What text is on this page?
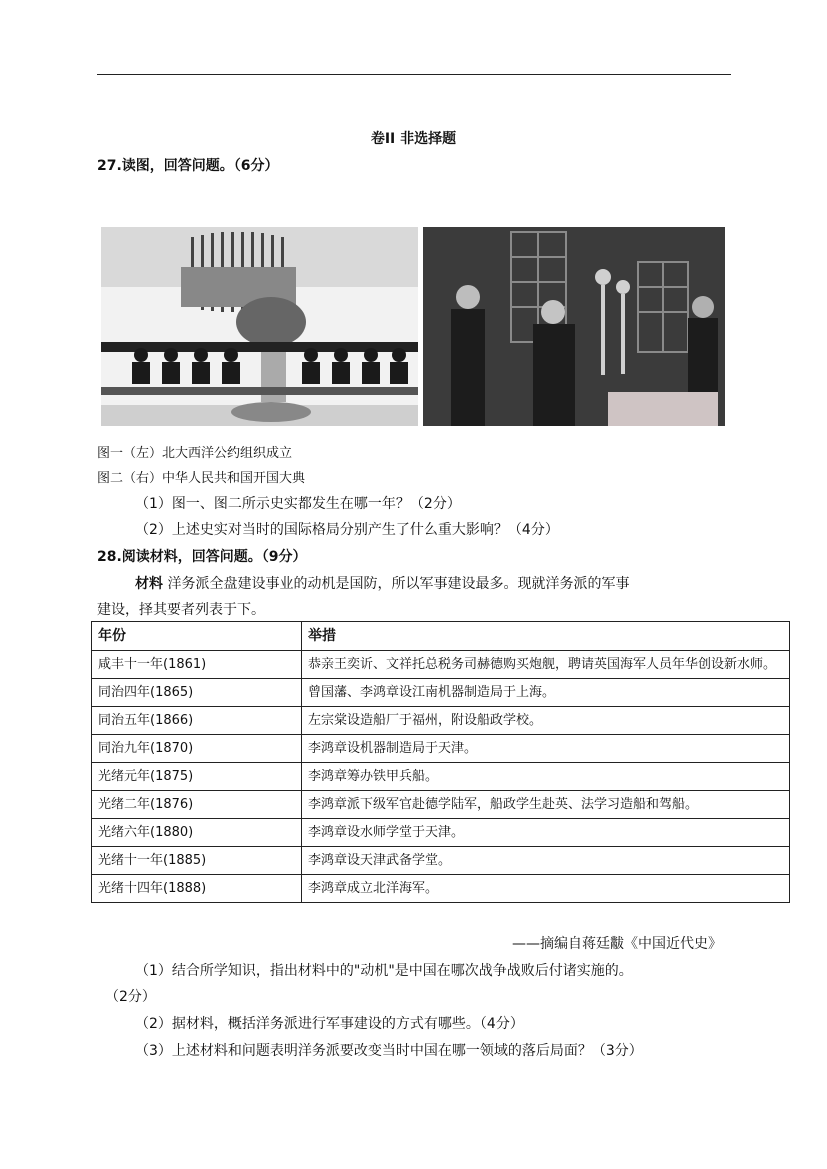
卷II 非选择题
27.读图，回答问题。（6分）
图一（左）北大西洋公约组织成立
图二（右）中华人民共和国开国大典
（1）图一、图二所示史实都发生在哪一年？（2分）
（2）上述史实对当时的国际格局分别产生了什么重大影响？（4分）
28.阅读材料，回答问题。（9分）
材料 洋务派全盘建设事业的动机是国防，所以军事建设最多。现就洋务派的军事
建设，择其要者列表于下。
年份	举措
咸丰十一年(1861)	恭亲王奕䜣、文祥托总税务司赫德购买炮舰，聘请英国海军人员年华创设新水师。
同治四年(1865)	曾国藩、李鸿章设江南机器制造局于上海。
同治五年(1866)	左宗棠设造船厂于福州，附设船政学校。
同治九年(1870)	李鸿章设机器制造局于天津。
光绪元年(1875)	李鸿章筹办铁甲兵船。
光绪二年(1876)	李鸿章派下级军官赴德学陆军，船政学生赴英、法学习造船和驾船。
光绪六年(1880)	李鸿章设水师学堂于天津。
光绪十一年(1885)	李鸿章设天津武备学堂。
光绪十四年(1888)	李鸿章成立北洋海军。
——摘编自蒋廷黻《中国近代史》
（1）结合所学知识，指出材料中的"动机"是中国在哪次战争战败后付诸实施的。
（2分）
（2）据材料，概括洋务派进行军事建设的方式有哪些。（4分）
（3）上述材料和问题表明洋务派要改变当时中国在哪一领域的落后局面？（3分）
